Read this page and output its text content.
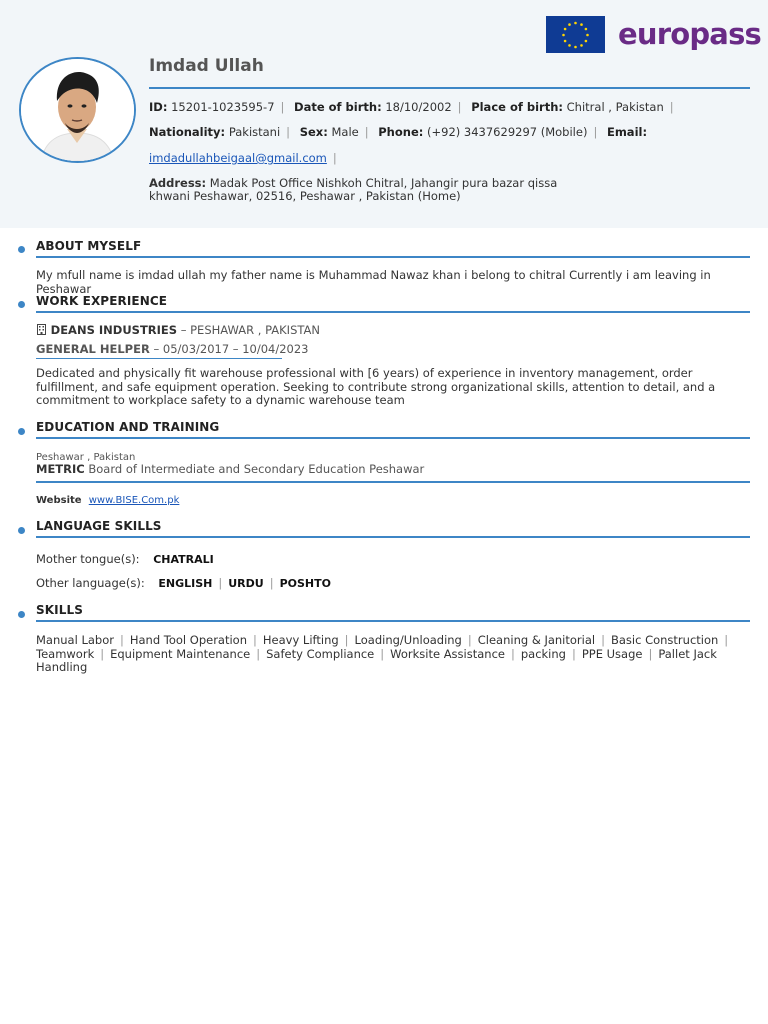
europass
Imdad Ullah
ID: 15201-1023595-7 | Date of birth: 18/10/2002 | Place of birth: Chitral , Pakistan |
Nationality: Pakistani | Sex: Male | Phone: (+92) 3437629297 (Mobile) | Email:
imdadullahbeigaal@gmail.com |
Address: Madak Post Office Nishkoh Chitral, Jahangir pura bazar qissa khwani Peshawar, 02516, Peshawar , Pakistan (Home)
ABOUT MYSELF
My mfull name is imdad ullah my father name is Muhammad Nawaz khan i belong to chitral Currently i am leaving in Peshawar
WORK EXPERIENCE
DEANS INDUSTRIES – PESHAWAR , PAKISTAN
GENERAL HELPER – 05/03/2017 – 10/04/2023
Dedicated and physically fit warehouse professional with [6 years) of experience in inventory management, order fulfillment, and safe equipment operation. Seeking to contribute strong organizational skills, attention to detail, and a commitment to workplace safety to a dynamic warehouse team
EDUCATION AND TRAINING
Peshawar , Pakistan
METRIC Board of Intermediate and Secondary Education Peshawar
Website www.BISE.Com.pk
LANGUAGE SKILLS
Mother tongue(s): CHATRALI
Other language(s): ENGLISH | URDU | POSHTO
SKILLS
Manual Labor | Hand Tool Operation | Heavy Lifting | Loading/Unloading | Cleaning & Janitorial | Basic Construction |
Teamwork | Equipment Maintenance | Safety Compliance | Worksite Assistance | packing | PPE Usage | Pallet Jack Handling
